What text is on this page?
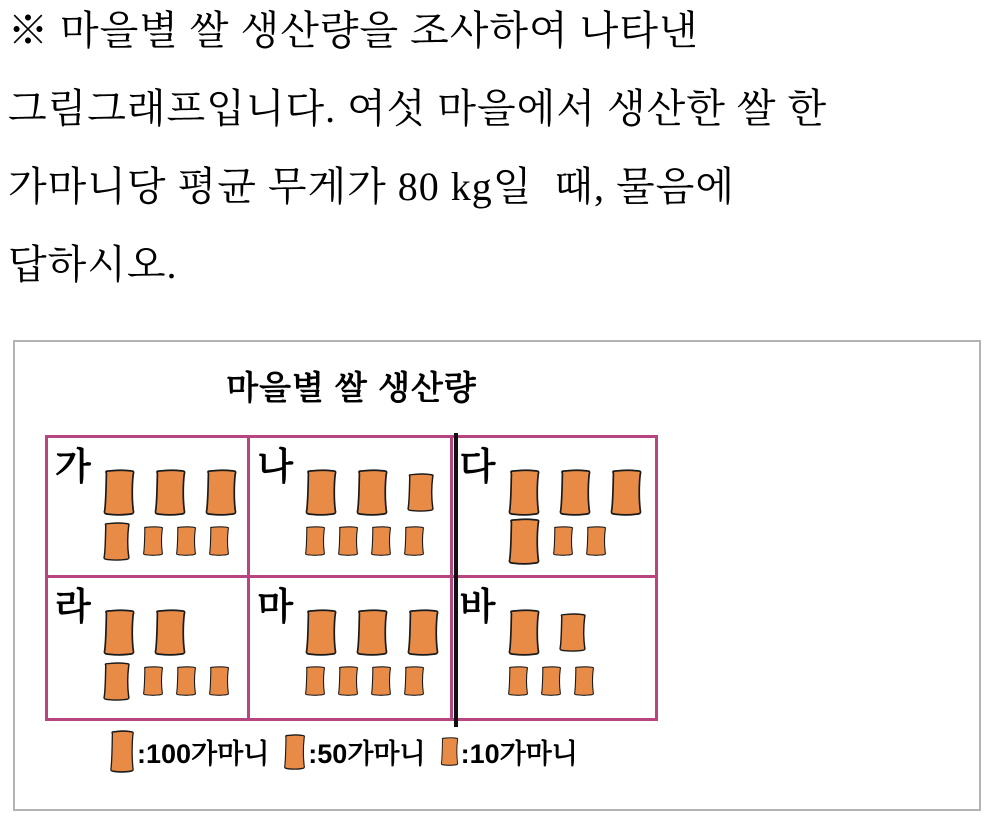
※ 마을별 쌀 생산량을 조사하여 나타낸
그림그래프입니다. 여섯 마을에서 생산한 쌀 한
가마니당 평균 무게가 80 kg일  때, 물음에
답하시오.
마을별 쌀 생산량
가	나	다
라	마	바
:100가마니 :50가마니 :10가마니
